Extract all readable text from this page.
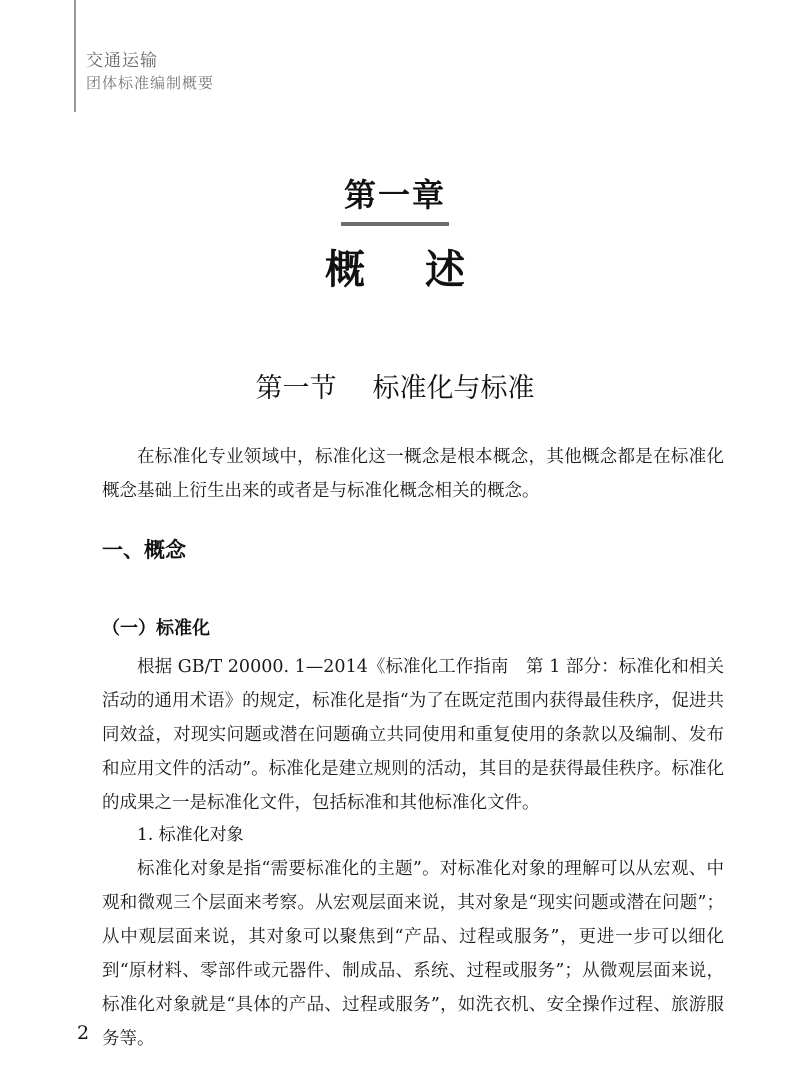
交通运输
团体标准编制概要
第一章
概 述
第一节 标准化与标准

在标准化专业领域中，标准化这一概念是根本概念，其他概念都是在标准化概念基础上衍生出来的或者是与标准化概念相关的概念。

一、概念
（一）标准化

根据 GB/T 20000. 1—2014《标准化工作指南　第 1 部分：标准化和相关活动的通用术语》的规定，标准化是指“为了在既定范围内获得最佳秩序，促进共同效益，对现实问题或潜在问题确立共同使用和重复使用的条款以及编制、发布和应用文件的活动”。标准化是建立规则的活动，其目的是获得最佳秩序。标准化的成果之一是标准化文件，包括标准和其他标准化文件。

1. 标准化对象

标准化对象是指“需要标准化的主题”。对标准化对象的理解可以从宏观、中观和微观三个层面来考察。从宏观层面来说，其对象是“现实问题或潜在问题”；从中观层面来说，其对象可以聚焦到“产品、过程或服务”，更进一步可以细化到“原材料、零部件或元器件、制成品、系统、过程或服务”；从微观层面来说，标准化对象就是“具体的产品、过程或服务”，如洗衣机、安全操作过程、旅游服务等。

2
